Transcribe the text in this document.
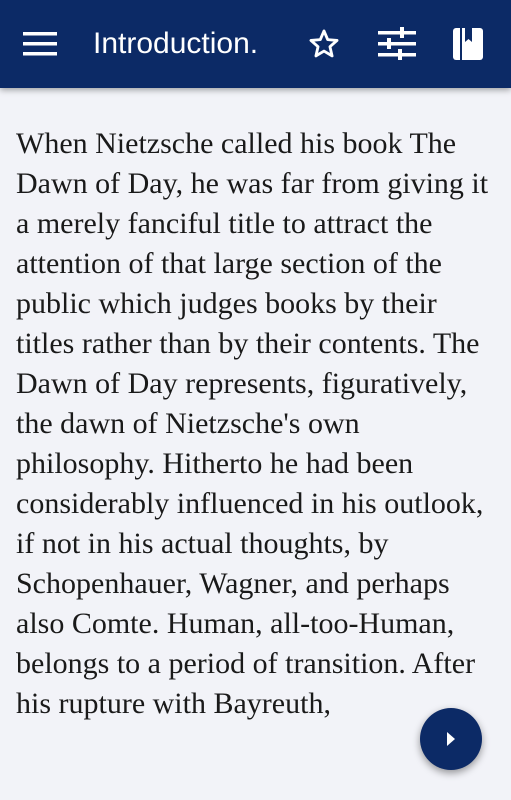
Introduction.

When Nietzsche called his book The Dawn of Day, he was far from giving it a merely fanciful title to attract the attention of that large section of the public which judges books by their titles rather than by their contents. The Dawn of Day represents, figuratively, the dawn of Nietzsche's own philosophy. Hitherto he had been considerably influenced in his outlook, if not in his actual thoughts, by Schopenhauer, Wagner, and perhaps also Comte. Human, all-too-Human, belongs to a period of transition. After his rupture with Bayreuth,
